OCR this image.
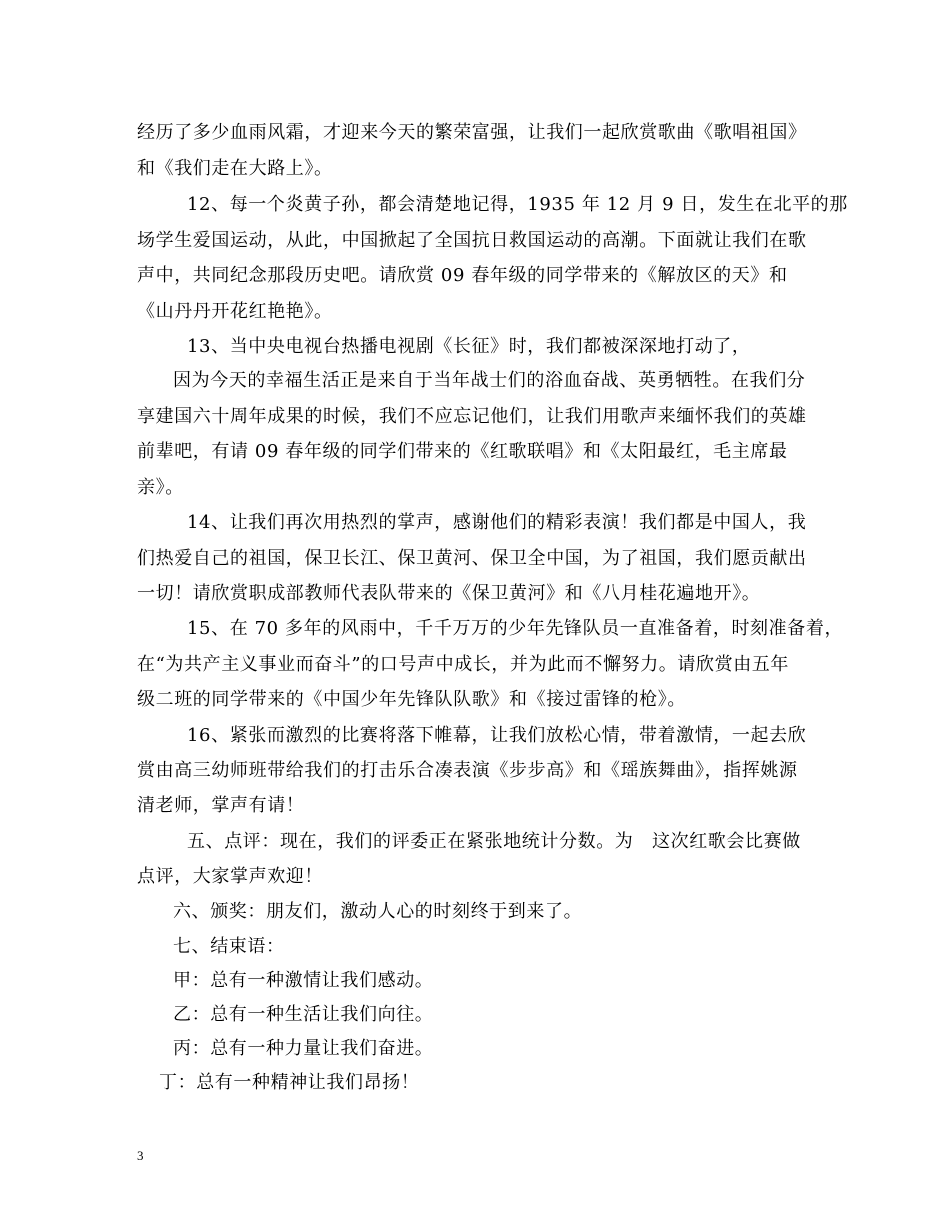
经历了多少血雨风霜，才迎来今天的繁荣富强，让我们一起欣赏歌曲《歌唱祖国》
和《我们走在大路上》。
12、每一个炎黄子孙，都会清楚地记得，1935 年 12 月 9 日，发生在北平的那
场学生爱国运动，从此，中国掀起了全国抗日救国运动的高潮。下面就让我们在歌
声中，共同纪念那段历史吧。请欣赏 09 春年级的同学带来的《解放区的天》和
《山丹丹开花红艳艳》。
13、当中央电视台热播电视剧《长征》时，我们都被深深地打动了，
因为今天的幸福生活正是来自于当年战士们的浴血奋战、英勇牺牲。在我们分
享建国六十周年成果的时候，我们不应忘记他们，让我们用歌声来缅怀我们的英雄
前辈吧，有请 09 春年级的同学们带来的《红歌联唱》和《太阳最红，毛主席最
亲》。
14、让我们再次用热烈的掌声，感谢他们的精彩表演！我们都是中国人，我
们热爱自己的祖国，保卫长江、保卫黄河、保卫全中国，为了祖国，我们愿贡献出
一切！请欣赏职成部教师代表队带来的《保卫黄河》和《八月桂花遍地开》。
15、在 70 多年的风雨中，千千万万的少年先锋队员一直准备着，时刻准备着，
在“为共产主义事业而奋斗”的口号声中成长，并为此而不懈努力。请欣赏由五年
级二班的同学带来的《中国少年先锋队队歌》和《接过雷锋的枪》。
16、紧张而激烈的比赛将落下帷幕，让我们放松心情，带着激情，一起去欣
赏由高三幼师班带给我们的打击乐合凑表演《步步高》和《瑶族舞曲》，指挥姚源
清老师，掌声有请！
五、点评：现在，我们的评委正在紧张地统计分数。为　这次红歌会比赛做
点评，大家掌声欢迎！
六、颁奖：朋友们，激动人心的时刻终于到来了。
七、结束语：
甲：总有一种激情让我们感动。
乙：总有一种生活让我们向往。
丙：总有一种力量让我们奋进。
丁：总有一种精神让我们昂扬！
3
